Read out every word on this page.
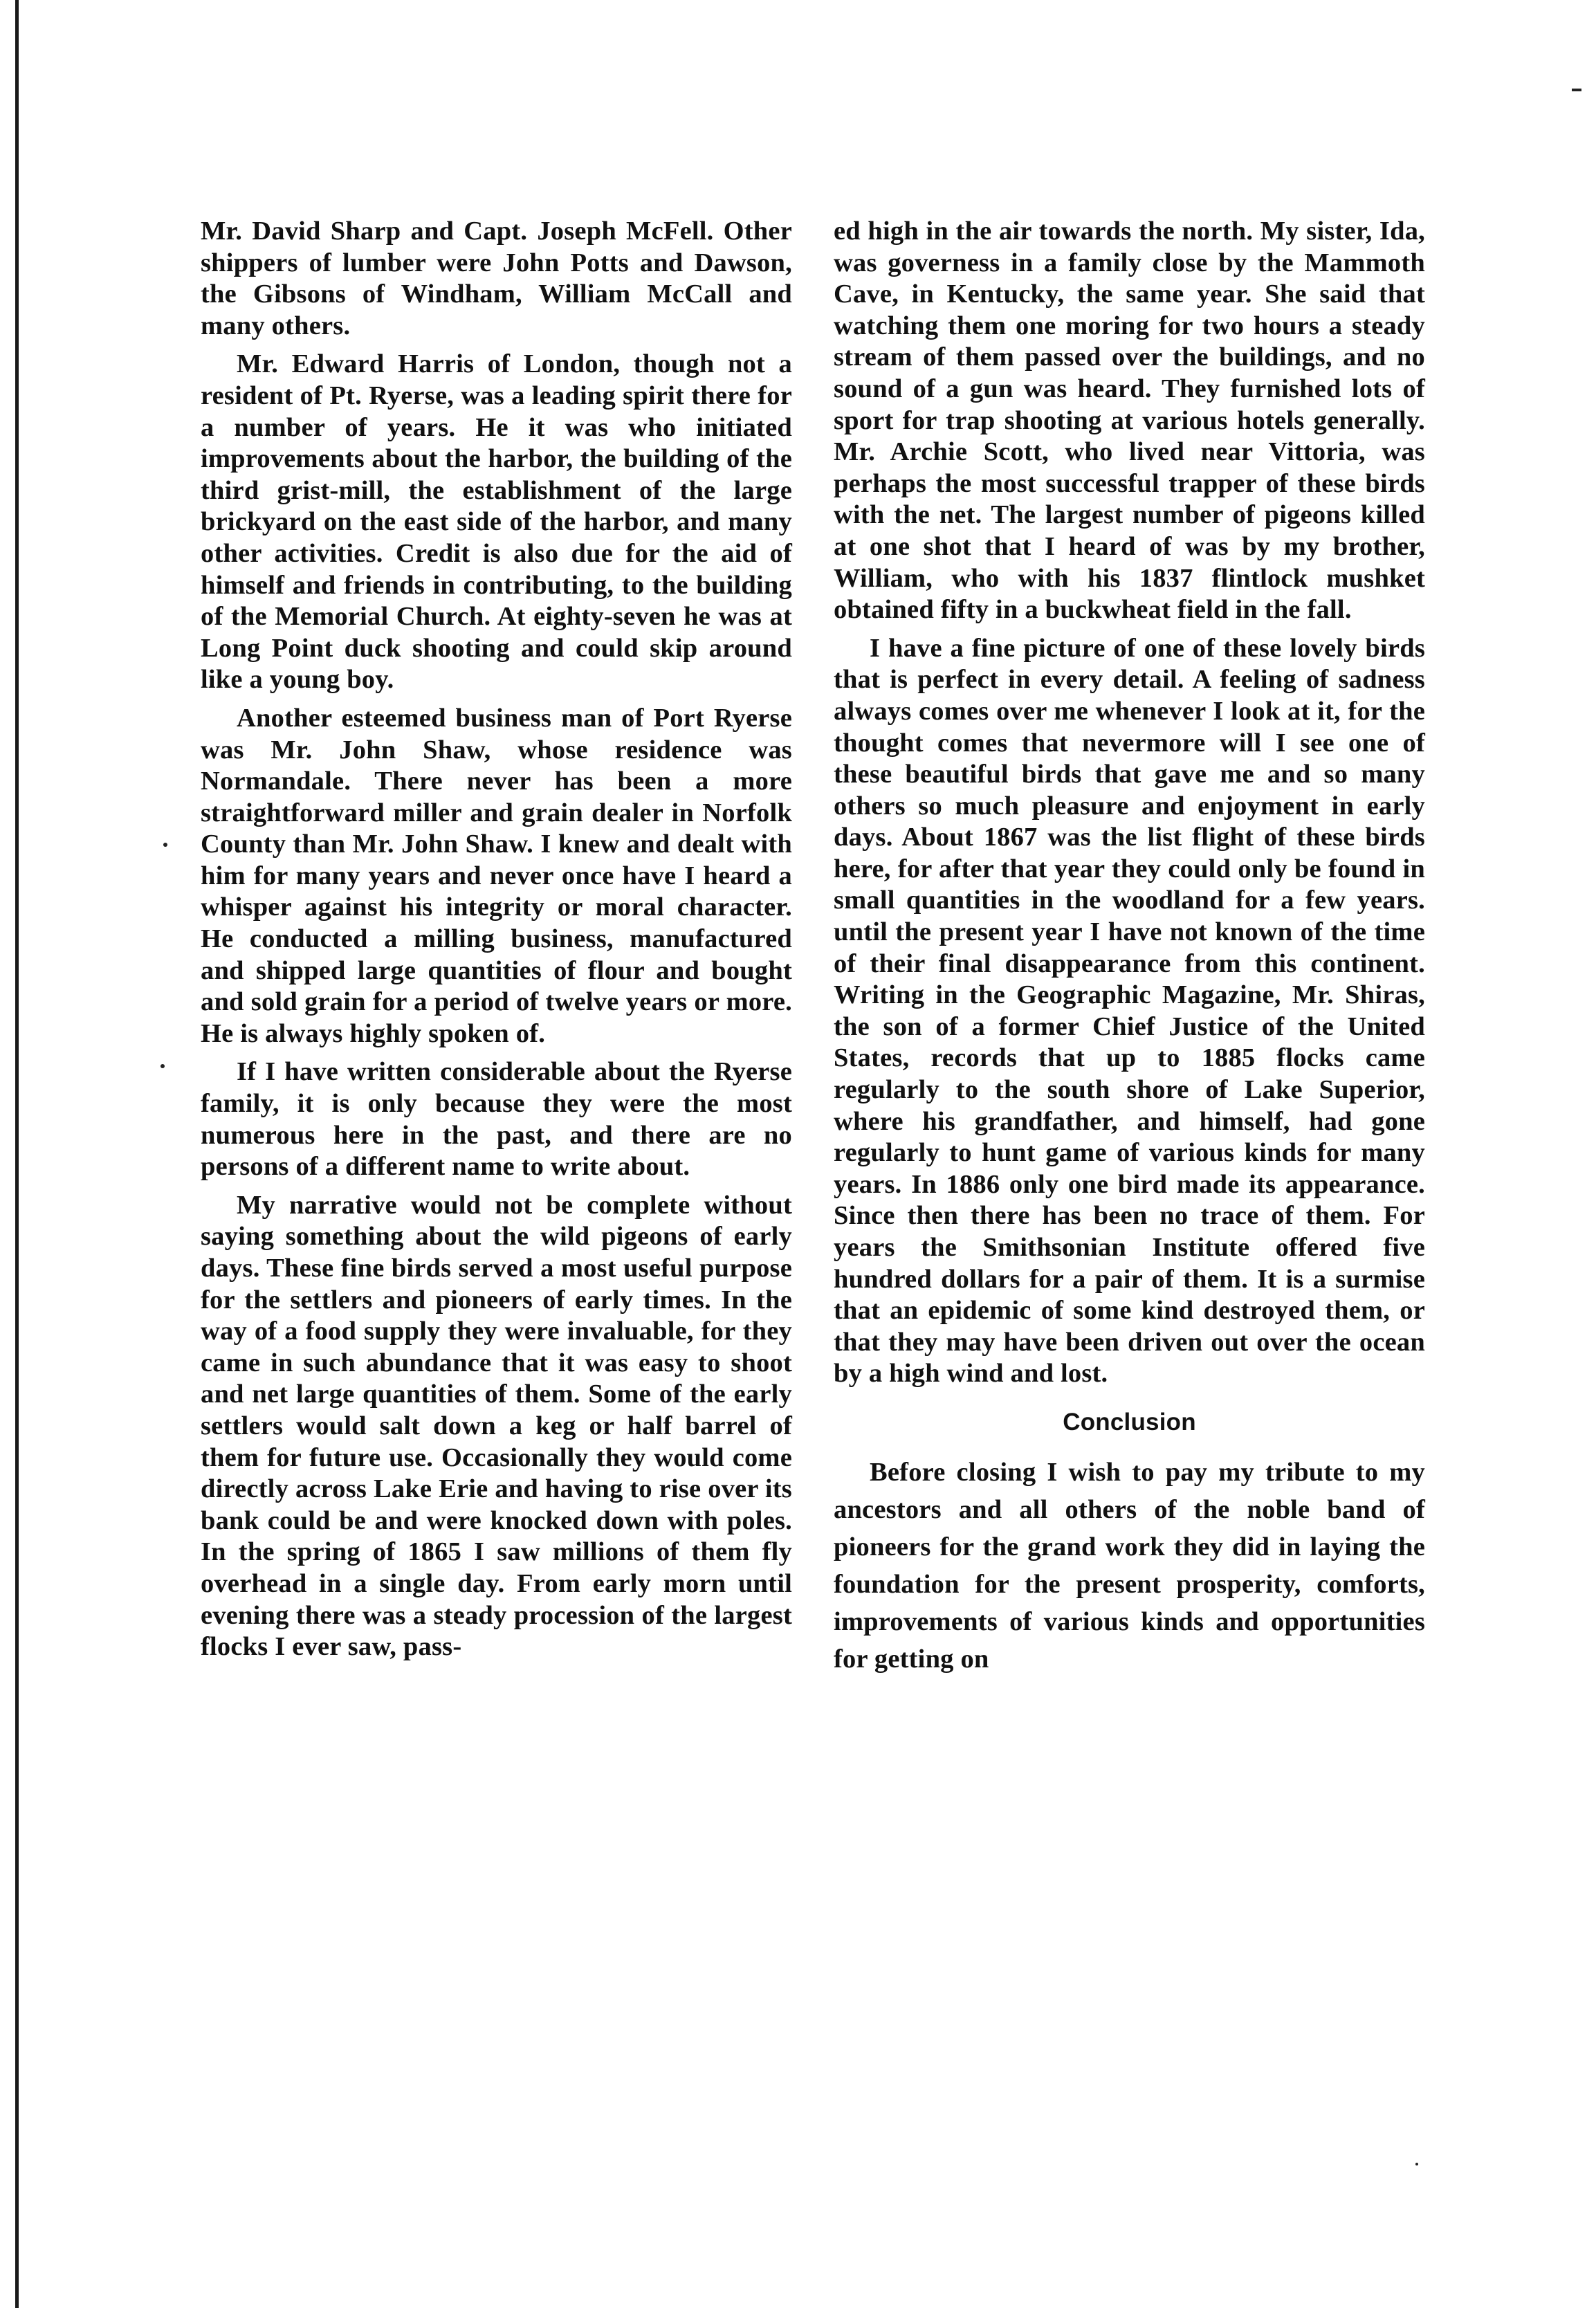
Mr. David Sharp and Capt. Joseph McFell. Other shippers of lumber were John Potts and Dawson, the Gibsons of Windham, William McCall and many others.

Mr. Edward Harris of London, though not a resident of Pt. Ryerse, was a leading spirit there for a number of years. He it was who initiated improvements about the harbor, the building of the third grist-mill, the establishment of the large brickyard on the east side of the harbor, and many other activities. Credit is also due for the aid of himself and friends in contributing, to the building of the Memorial Church. At eighty-seven he was at Long Point duck shooting and could skip around like a young boy.

Another esteemed business man of Port Ryerse was Mr. John Shaw, whose residence was Normandale. There never has been a more straightforward miller and grain dealer in Norfolk County than Mr. John Shaw. I knew and dealt with him for many years and never once have I heard a whisper against his integrity or moral character. He conducted a milling business, manufactured and shipped large quantities of flour and bought and sold grain for a period of twelve years or more. He is always highly spoken of.

If I have written considerable about the Ryerse family, it is only because they were the most numerous here in the past, and there are no persons of a different name to write about.

My narrative would not be complete without saying something about the wild pigeons of early days. These fine birds served a most useful purpose for the settlers and pioneers of early times. In the way of a food supply they were invaluable, for they came in such abundance that it was easy to shoot and net large quantities of them. Some of the early settlers would salt down a keg or half barrel of them for future use. Occasionally they would come directly across Lake Erie and having to rise over its bank could be and were knocked down with poles. In the spring of 1865 I saw millions of them fly overhead in a single day. From early morn until evening there was a steady procession of the largest flocks I ever saw, pass-

ed high in the air towards the north. My sister, Ida, was governess in a family close by the Mammoth Cave, in Kentucky, the same year. She said that watching them one moring for two hours a steady stream of them passed over the buildings, and no sound of a gun was heard. They furnished lots of sport for trap shooting at various hotels generally. Mr. Archie Scott, who lived near Vittoria, was perhaps the most successful trapper of these birds with the net. The largest number of pigeons killed at one shot that I heard of was by my brother, William, who with his 1837 flintlock mushket obtained fifty in a buckwheat field in the fall.

I have a fine picture of one of these lovely birds that is perfect in every detail. A feeling of sadness always comes over me whenever I look at it, for the thought comes that nevermore will I see one of these beautiful birds that gave me and so many others so much pleasure and enjoyment in early days. About 1867 was the list flight of these birds here, for after that year they could only be found in small quantities in the woodland for a few years. until the present year I have not known of the time of their final disappearance from this continent. Writing in the Geographic Magazine, Mr. Shiras, the son of a former Chief Justice of the United States, records that up to 1885 flocks came regularly to the south shore of Lake Superior, where his grandfather, and himself, had gone regularly to hunt game of various kinds for many years. In 1886 only one bird made its appearance. Since then there has been no trace of them. For years the Smithsonian Institute offered five hundred dollars for a pair of them. It is a surmise that an epidemic of some kind destroyed them, or that they may have been driven out over the ocean by a high wind and lost.

Conclusion

Before closing I wish to pay my tribute to my ancestors and all others of the noble band of pioneers for the grand work they did in laying the foundation for the present prosperity, comforts, improvements of various kinds and opportunities for getting on
